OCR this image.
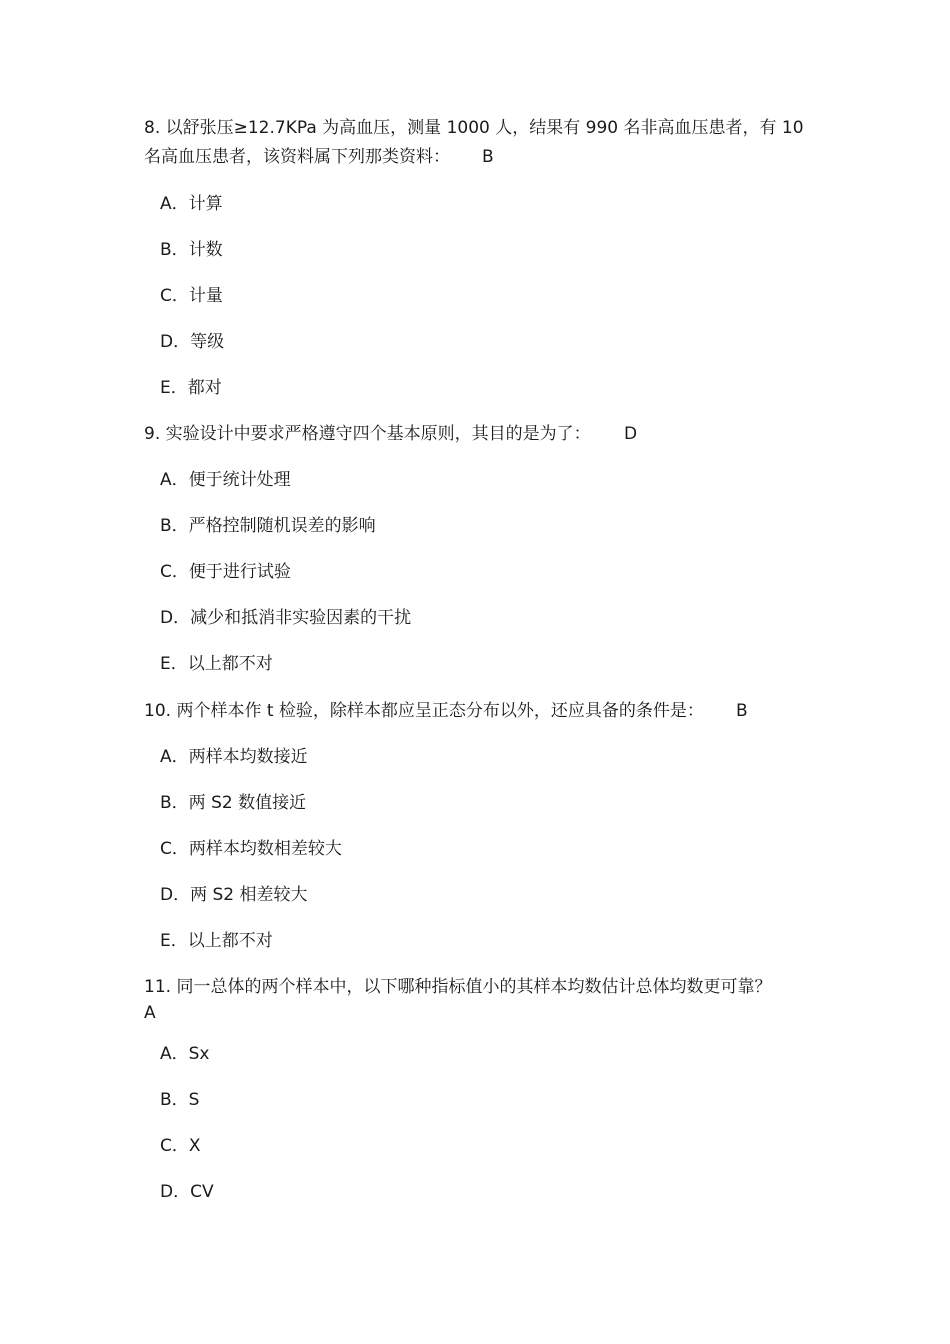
8. 以舒张压≥12.7KPa 为高血压，测量 1000 人，结果有 990 名非高血压患者，有 10
名高血压患者，该资料属下列那类资料： B
A．计算
B．计数
C．计量
D．等级
E．都对
9. 实验设计中要求严格遵守四个基本原则，其目的是为了： D
A．便于统计处理
B．严格控制随机误差的影响
C．便于进行试验
D．减少和抵消非实验因素的干扰
E．以上都不对
10. 两个样本作 t 检验，除样本都应呈正态分布以外，还应具备的条件是： B
A．两样本均数接近
B．两 S2 数值接近
C．两样本均数相差较大
D．两 S2 相差较大
E．以上都不对
11. 同一总体的两个样本中，以下哪种指标值小的其样本均数估计总体均数更可靠？
A
A．Sx
B．S
C．X
D．CV
